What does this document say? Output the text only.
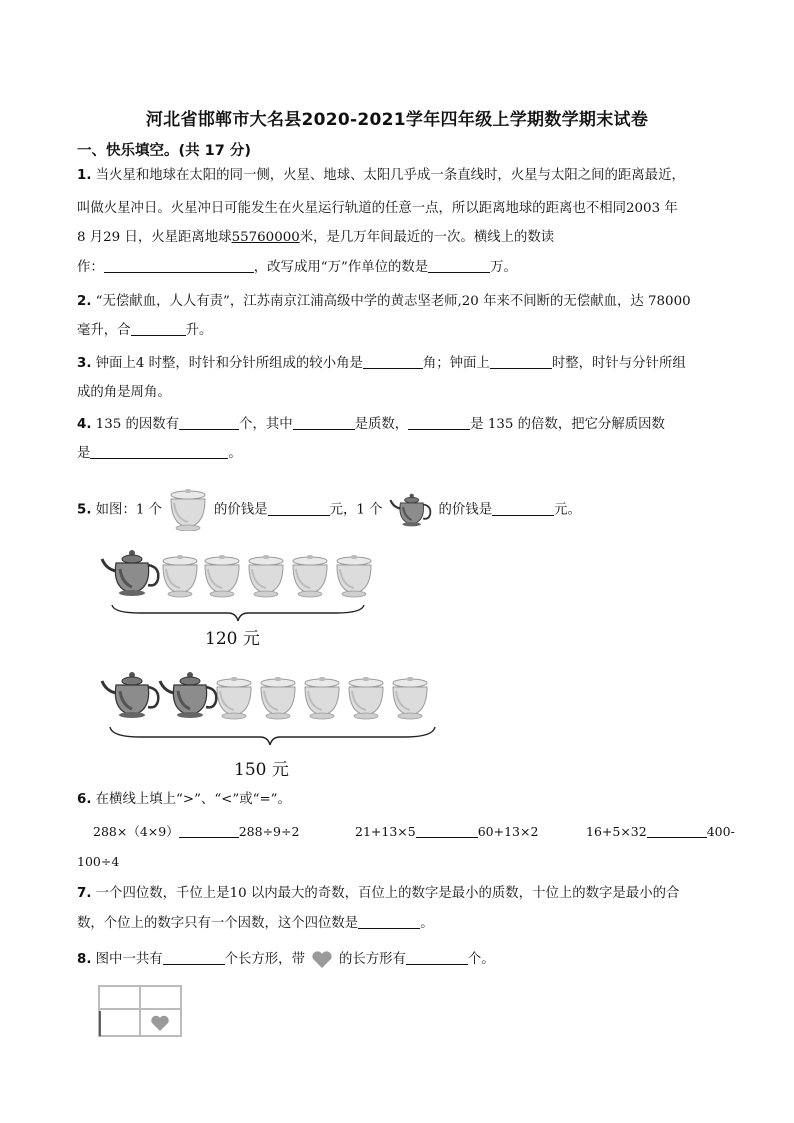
河北省邯郸市大名县2020-2021学年四年级上学期数学期末试卷
一、快乐填空。(共 17 分)
1. 当火星和地球在太阳的同一侧，火星、地球、太阳几乎成一条直线时，火星与太阳之间的距离最近，
叫做火星冲日。火星冲日可能发生在火星运行轨道的任意一点，所以距离地球的距离也不相同2003 年
8 月29 日，火星距离地球55760000米，是几万年间最近的一次。横线上的数读
作：	，改写成用“万”作单位的数是	万。
2. “无偿献血，人人有责”，江苏南京江浦高级中学的黄志坚老师,20 年来不间断的无偿献血，达 78000
毫升，合	升。
3. 钟面上4 时整，时针和分针所组成的较小角是	角；钟面上	时整，时针与分针所组
成的角是周角。
4. 135 的因数有	个，其中	是质数，	是 135 的倍数，把它分解质因数
是	。
5. 如图：1 个	的价钱是	元，1 个	的价钱是	元。
120 元
150 元
6. 在横线上填上“>”、“<”或“=”。
288×（4×9）	288÷9÷2	21+13×5	60+13×2	16+5×32	400-
100÷4
7. 一个四位数，千位上是10 以内最大的奇数，百位上的数字是最小的质数，十位上的数字是最小的合
数，个位上的数字只有一个因数，这个四位数是	。
8. 图中一共有	个长方形，带	的长方形有	个。
